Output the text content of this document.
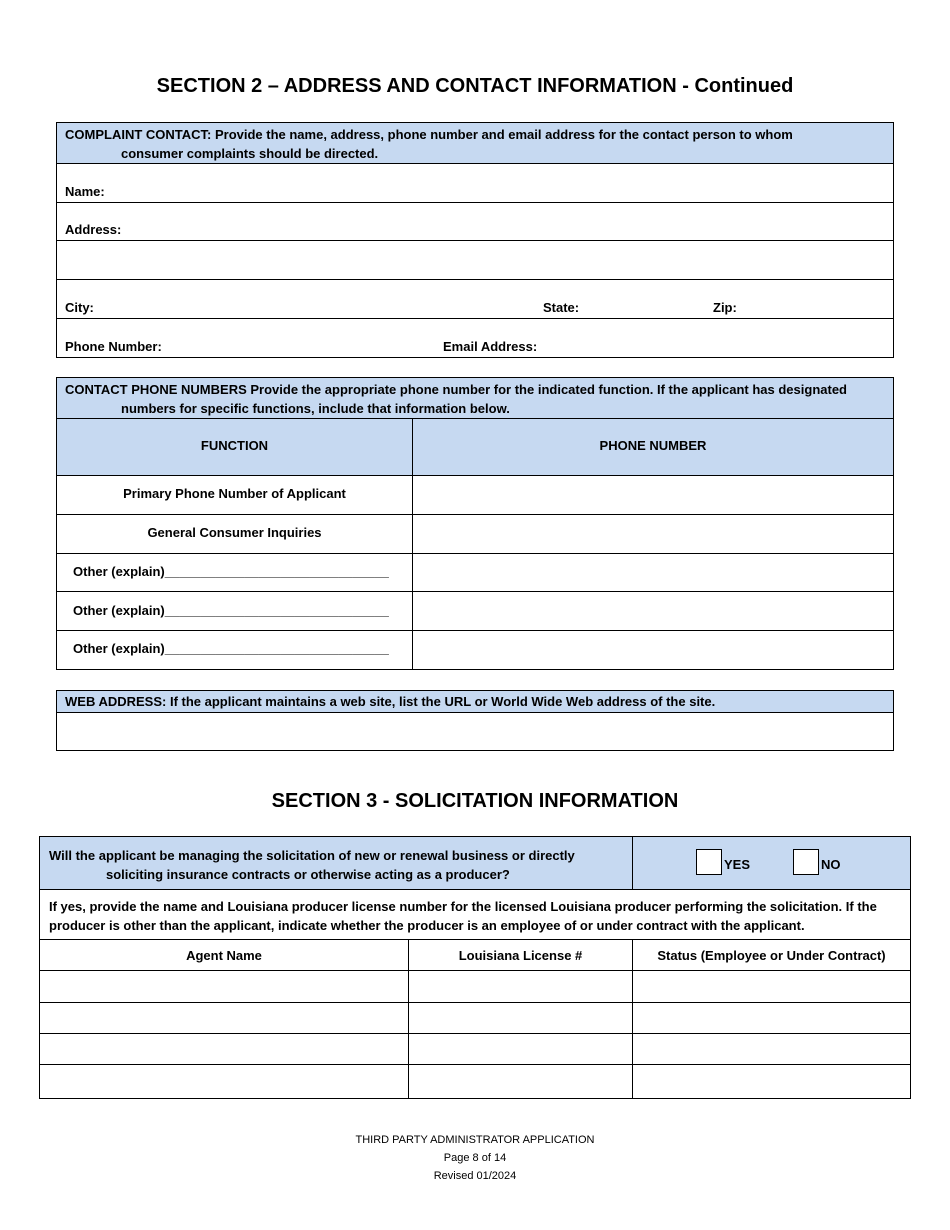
SECTION 2 – ADDRESS AND CONTACT INFORMATION - Continued
COMPLAINT CONTACT: Provide the name, address, phone number and email address for the contact person to whom
consumer complaints should be directed.
Name:
Address:
City:	State:	Zip:
Phone Number:	Email Address:
CONTACT PHONE NUMBERS Provide the appropriate phone number for the indicated function. If the applicant has designated
numbers for specific functions, include that information below.
FUNCTION	PHONE NUMBER
Primary Phone Number of Applicant
General Consumer Inquiries
Other (explain)_______________________________
Other (explain)_______________________________
Other (explain)_______________________________
WEB ADDRESS: If the applicant maintains a web site, list the URL or World Wide Web address of the site.
SECTION 3 - SOLICITATION INFORMATION
Will the applicant be managing the solicitation of new or renewal business or directly
soliciting insurance contracts or otherwise acting as a producer?
YES	NO
If yes, provide the name and Louisiana producer license number for the licensed Louisiana producer performing the solicitation. If the
producer is other than the applicant, indicate whether the producer is an employee of or under contract with the applicant.
Agent Name	Louisiana License #	Status (Employee or Under Contract)
THIRD PARTY ADMINISTRATOR APPLICATION
Page 8 of 14
Revised 01/2024
